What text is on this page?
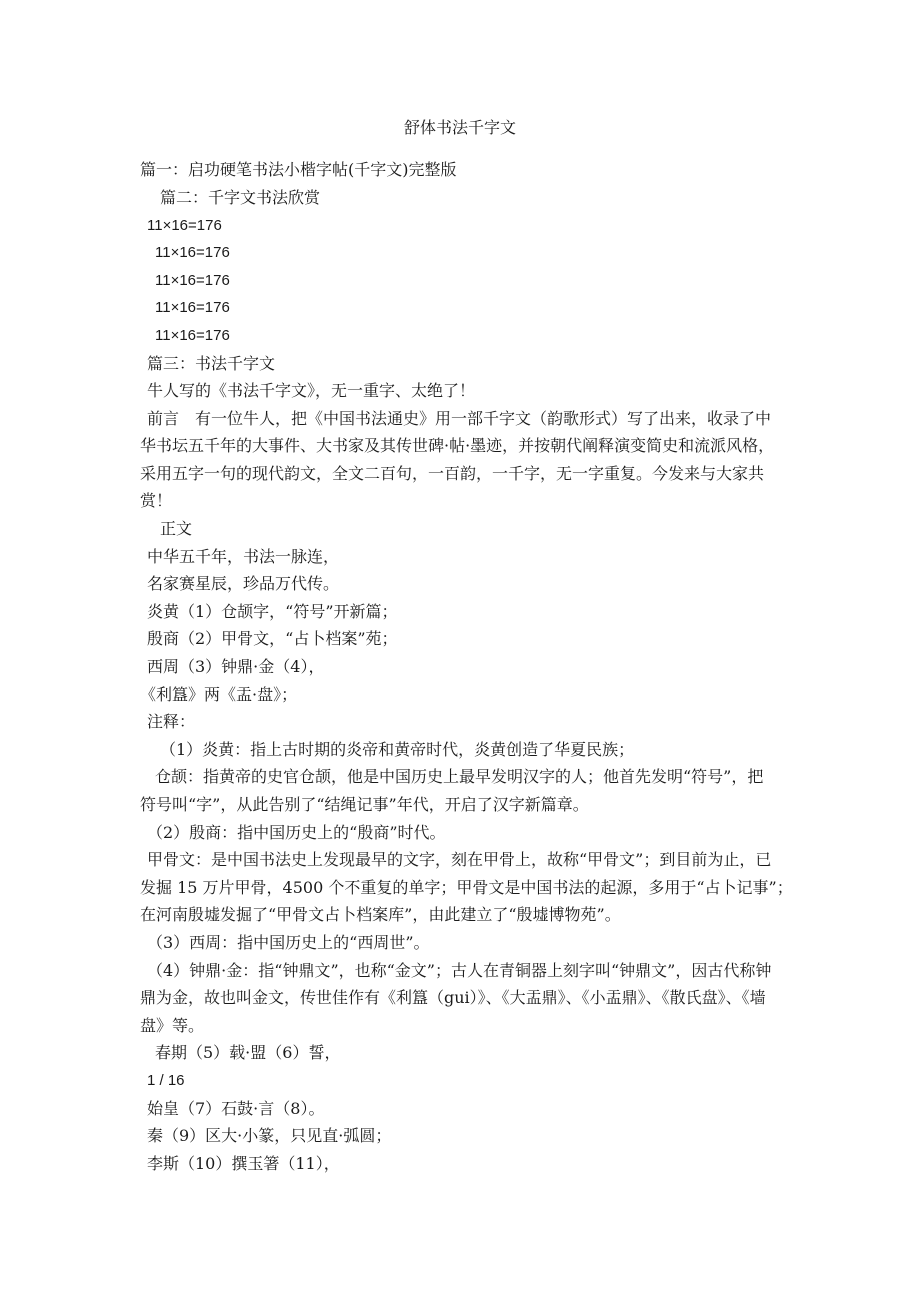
舒体书法千字文
篇一：启功硬笔书法小楷字帖(千字文)完整版
篇二：千字文书法欣赏
11×16=176
11×16=176
11×16=176
11×16=176
11×16=176
篇三：书法千字文
牛人写的《书法千字文》，无一重字、太绝了！
前言　有一位牛人，把《中国书法通史》用一部千字文（韵歌形式）写了出来，收录了中
华书坛五千年的大事件、大书家及其传世碑·帖·墨迹，并按朝代阐释演变简史和流派风格，
采用五字一句的现代韵文，全文二百句，一百韵，一千字，无一字重复。今发来与大家共
赏！
正文
中华五千年，书法一脉连，
名家赛星辰，珍品万代传。
炎黄（1）仓颉字，“符号”开新篇；
殷商（2）甲骨文，“占卜档案”苑；
西周（3）钟鼎·金（4），
《利簋》两《盂·盘》；
注释：
（1）炎黄：指上古时期的炎帝和黄帝时代，炎黄创造了华夏民族；
仓颉：指黄帝的史官仓颉，他是中国历史上最早发明汉字的人；他首先发明“符号”，把
符号叫“字”，从此告别了“结绳记事”年代，开启了汉字新篇章。
（2）殷商：指中国历史上的“殷商”时代。
甲骨文：是中国书法史上发现最早的文字，刻在甲骨上，故称“甲骨文”；到目前为止，已
发掘 15 万片甲骨，4500 个不重复的单字；甲骨文是中国书法的起源，多用于“占卜记事”；
在河南殷墟发掘了“甲骨文占卜档案库”，由此建立了“殷墟博物苑”。
（3）西周：指中国历史上的“西周世”。
（4）钟鼎·金：指“钟鼎文”，也称“金文”；古人在青铜器上刻字叫“钟鼎文”，因古代称钟
鼎为金，故也叫金文，传世佳作有《利簋（gui）》、《大盂鼎》、《小盂鼎》、《散氏盘》、《墙
盘》等。
春期（5）载·盟（6）誓，
1 / 16
始皇（7）石鼓·言（8）。
秦（9）区大·小篆，只见直·弧圆；
李斯（10）撰玉箸（11），
